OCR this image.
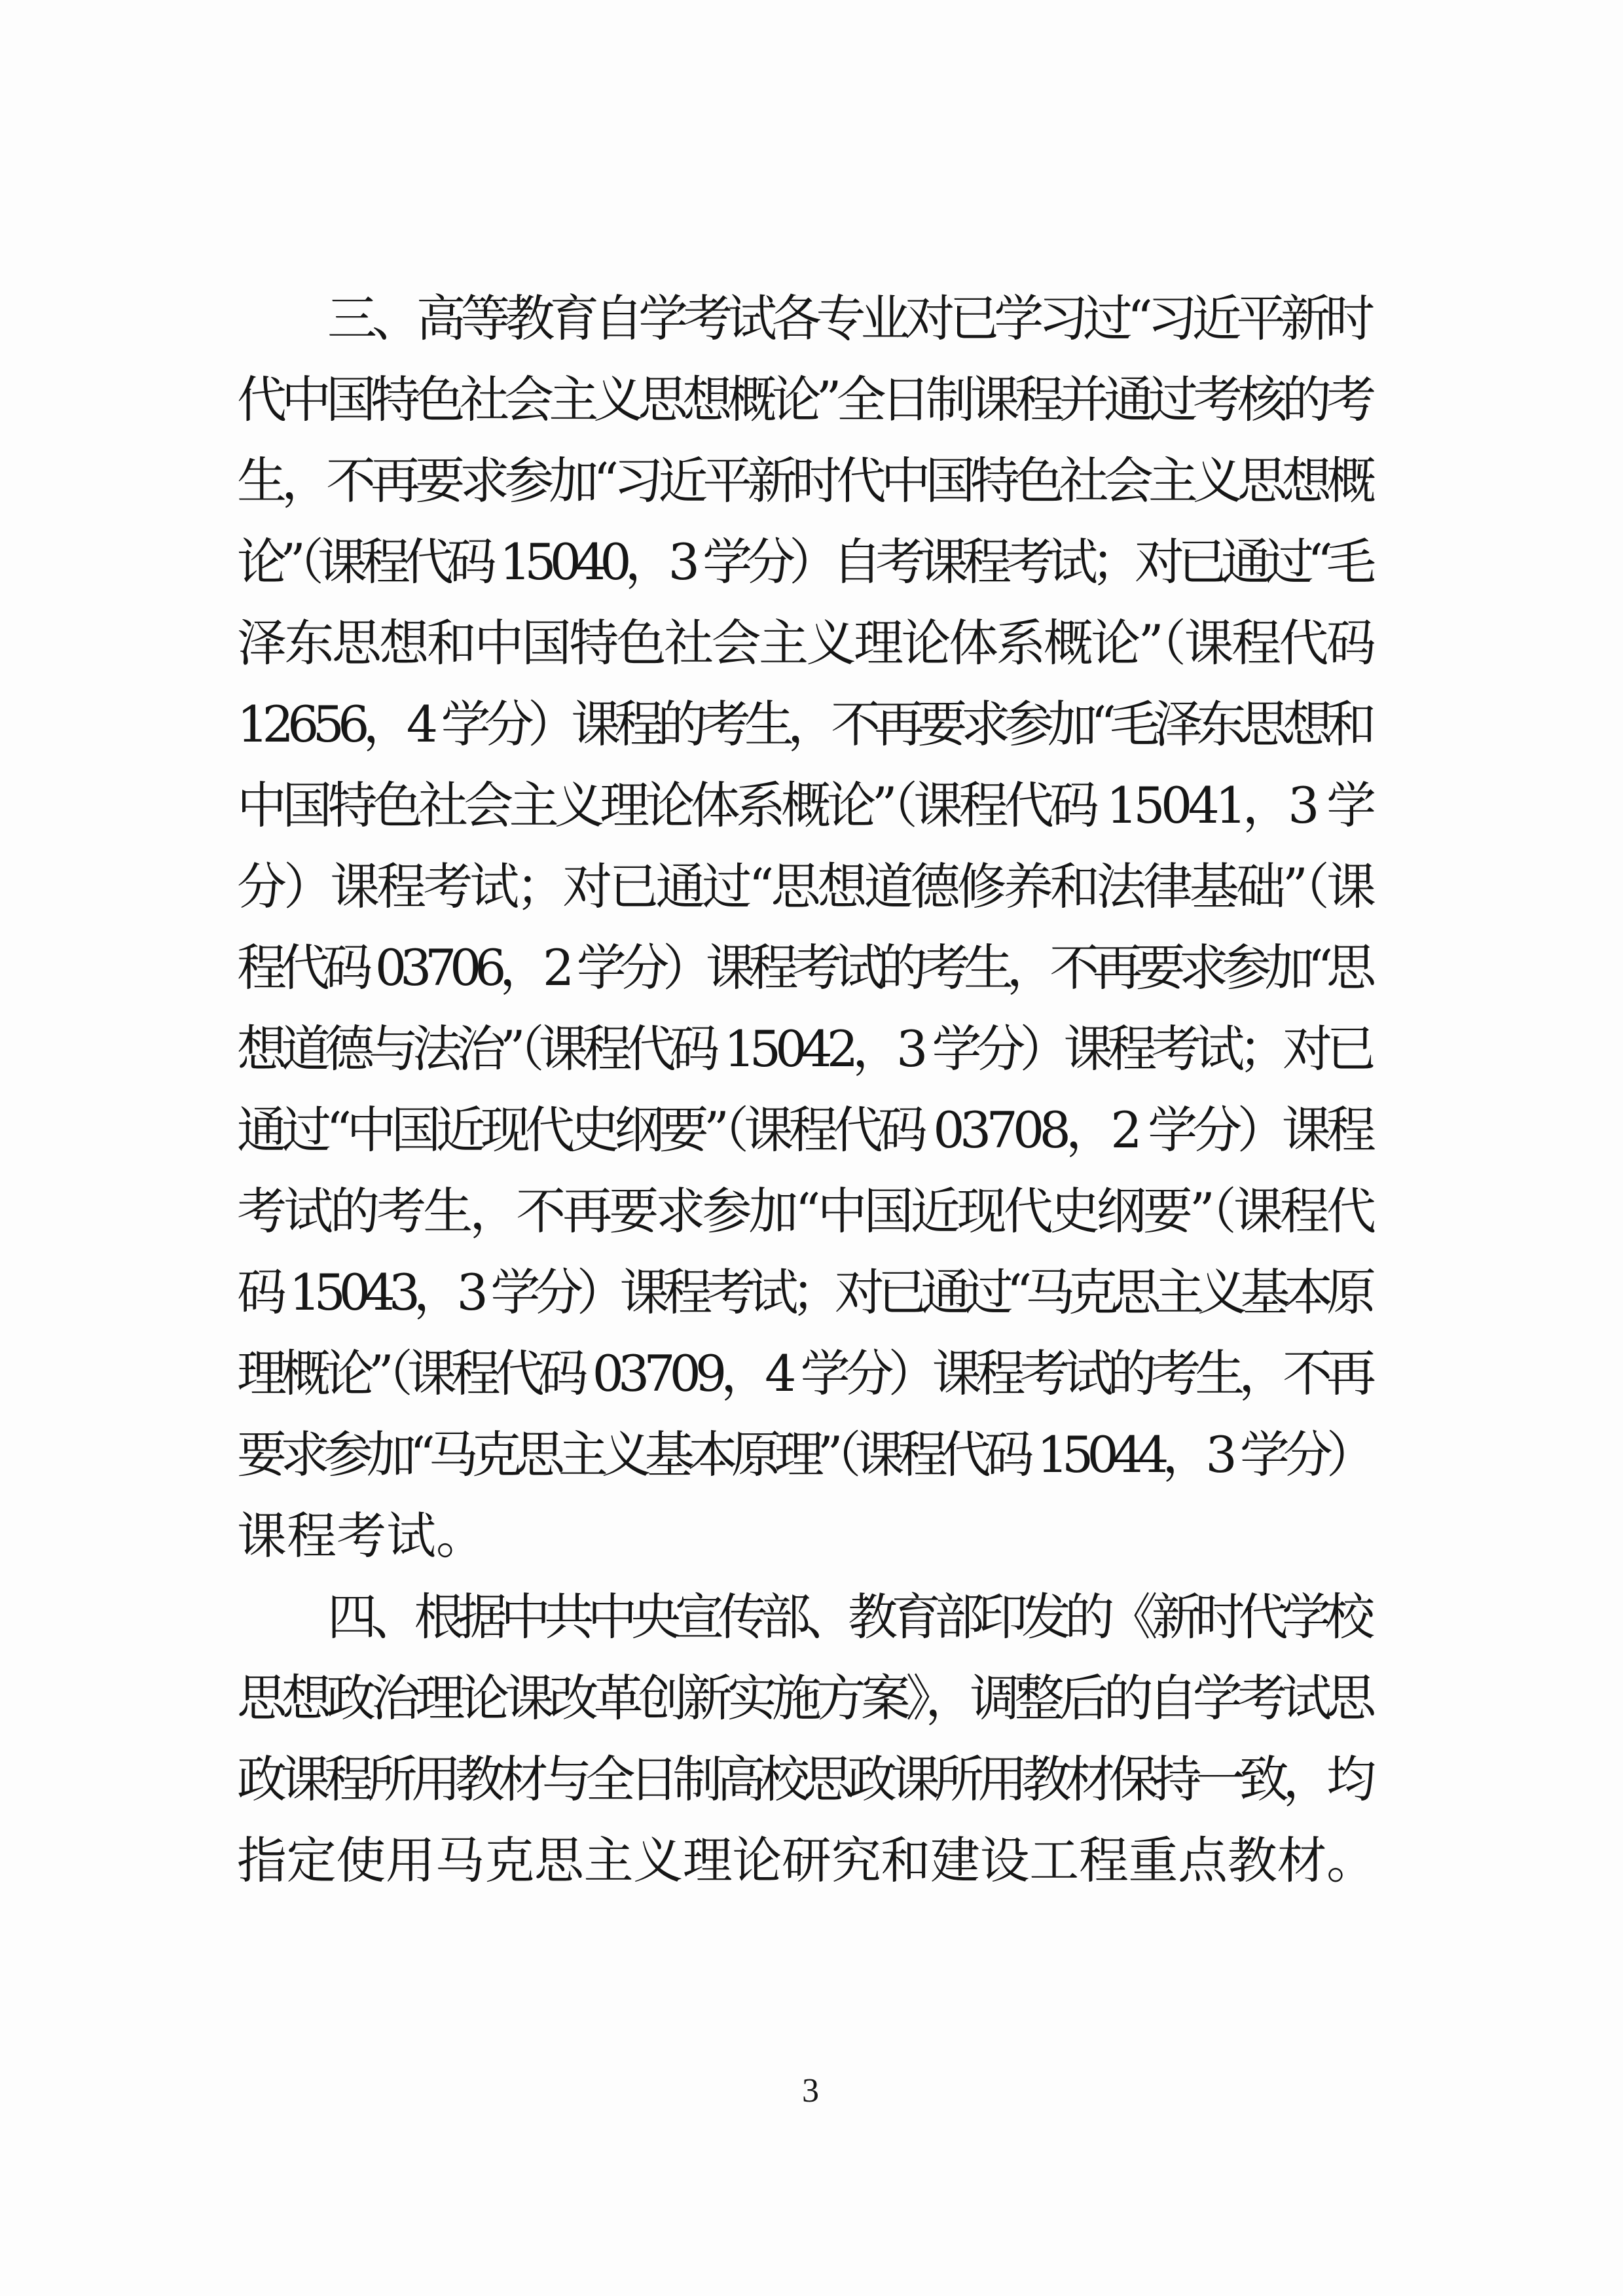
三、高等教育自学考试各专业对已学习过“习近平新时
代中国特色社会主义思想概论”全日制课程并通过考核的考
生，不再要求参加“习近平新时代中国特色社会主义思想概
论”（课程代码 15040，3 学分）自考课程考试；对已通过“毛
泽东思想和中国特色社会主义理论体系概论”（课程代码
12656，4 学分）课程的考生，不再要求参加“毛泽东思想和
中国特色社会主义理论体系概论”（课程代码 15041，3 学
分）课程考试；对已通过“思想道德修养和法律基础”（课
程代码 03706，2 学分）课程考试的考生，不再要求参加“思
想道德与法治”（课程代码 15042，3 学分）课程考试；对已
通过“中国近现代史纲要”（课程代码 03708，2 学分）课程
考试的考生，不再要求参加“中国近现代史纲要”（课程代
码 15043，3 学分）课程考试；对已通过“马克思主义基本原
理概论”（课程代码 03709，4 学分）课程考试的考生，不再
要求参加“马克思主义基本原理”（课程代码 15044，3 学分）
课程考试。
四、根据中共中央宣传部、教育部印发的《新时代学校
思想政治理论课改革创新实施方案》，调整后的自学考试思
政课程所用教材与全日制高校思政课所用教材保持一致，均
指定使用马克思主义理论研究和建设工程重点教材。
3
